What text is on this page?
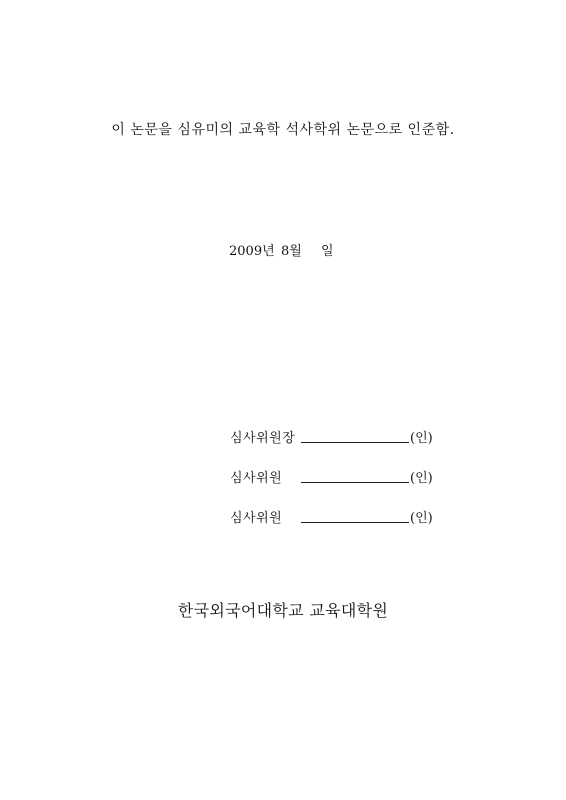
이 논문을 심유미의 교육학 석사학위 논문으로 인준함.
2009년 8월 일
심사위원장	(인)
심사위원	(인)
심사위원	(인)
한국외국어대학교 교육대학원
